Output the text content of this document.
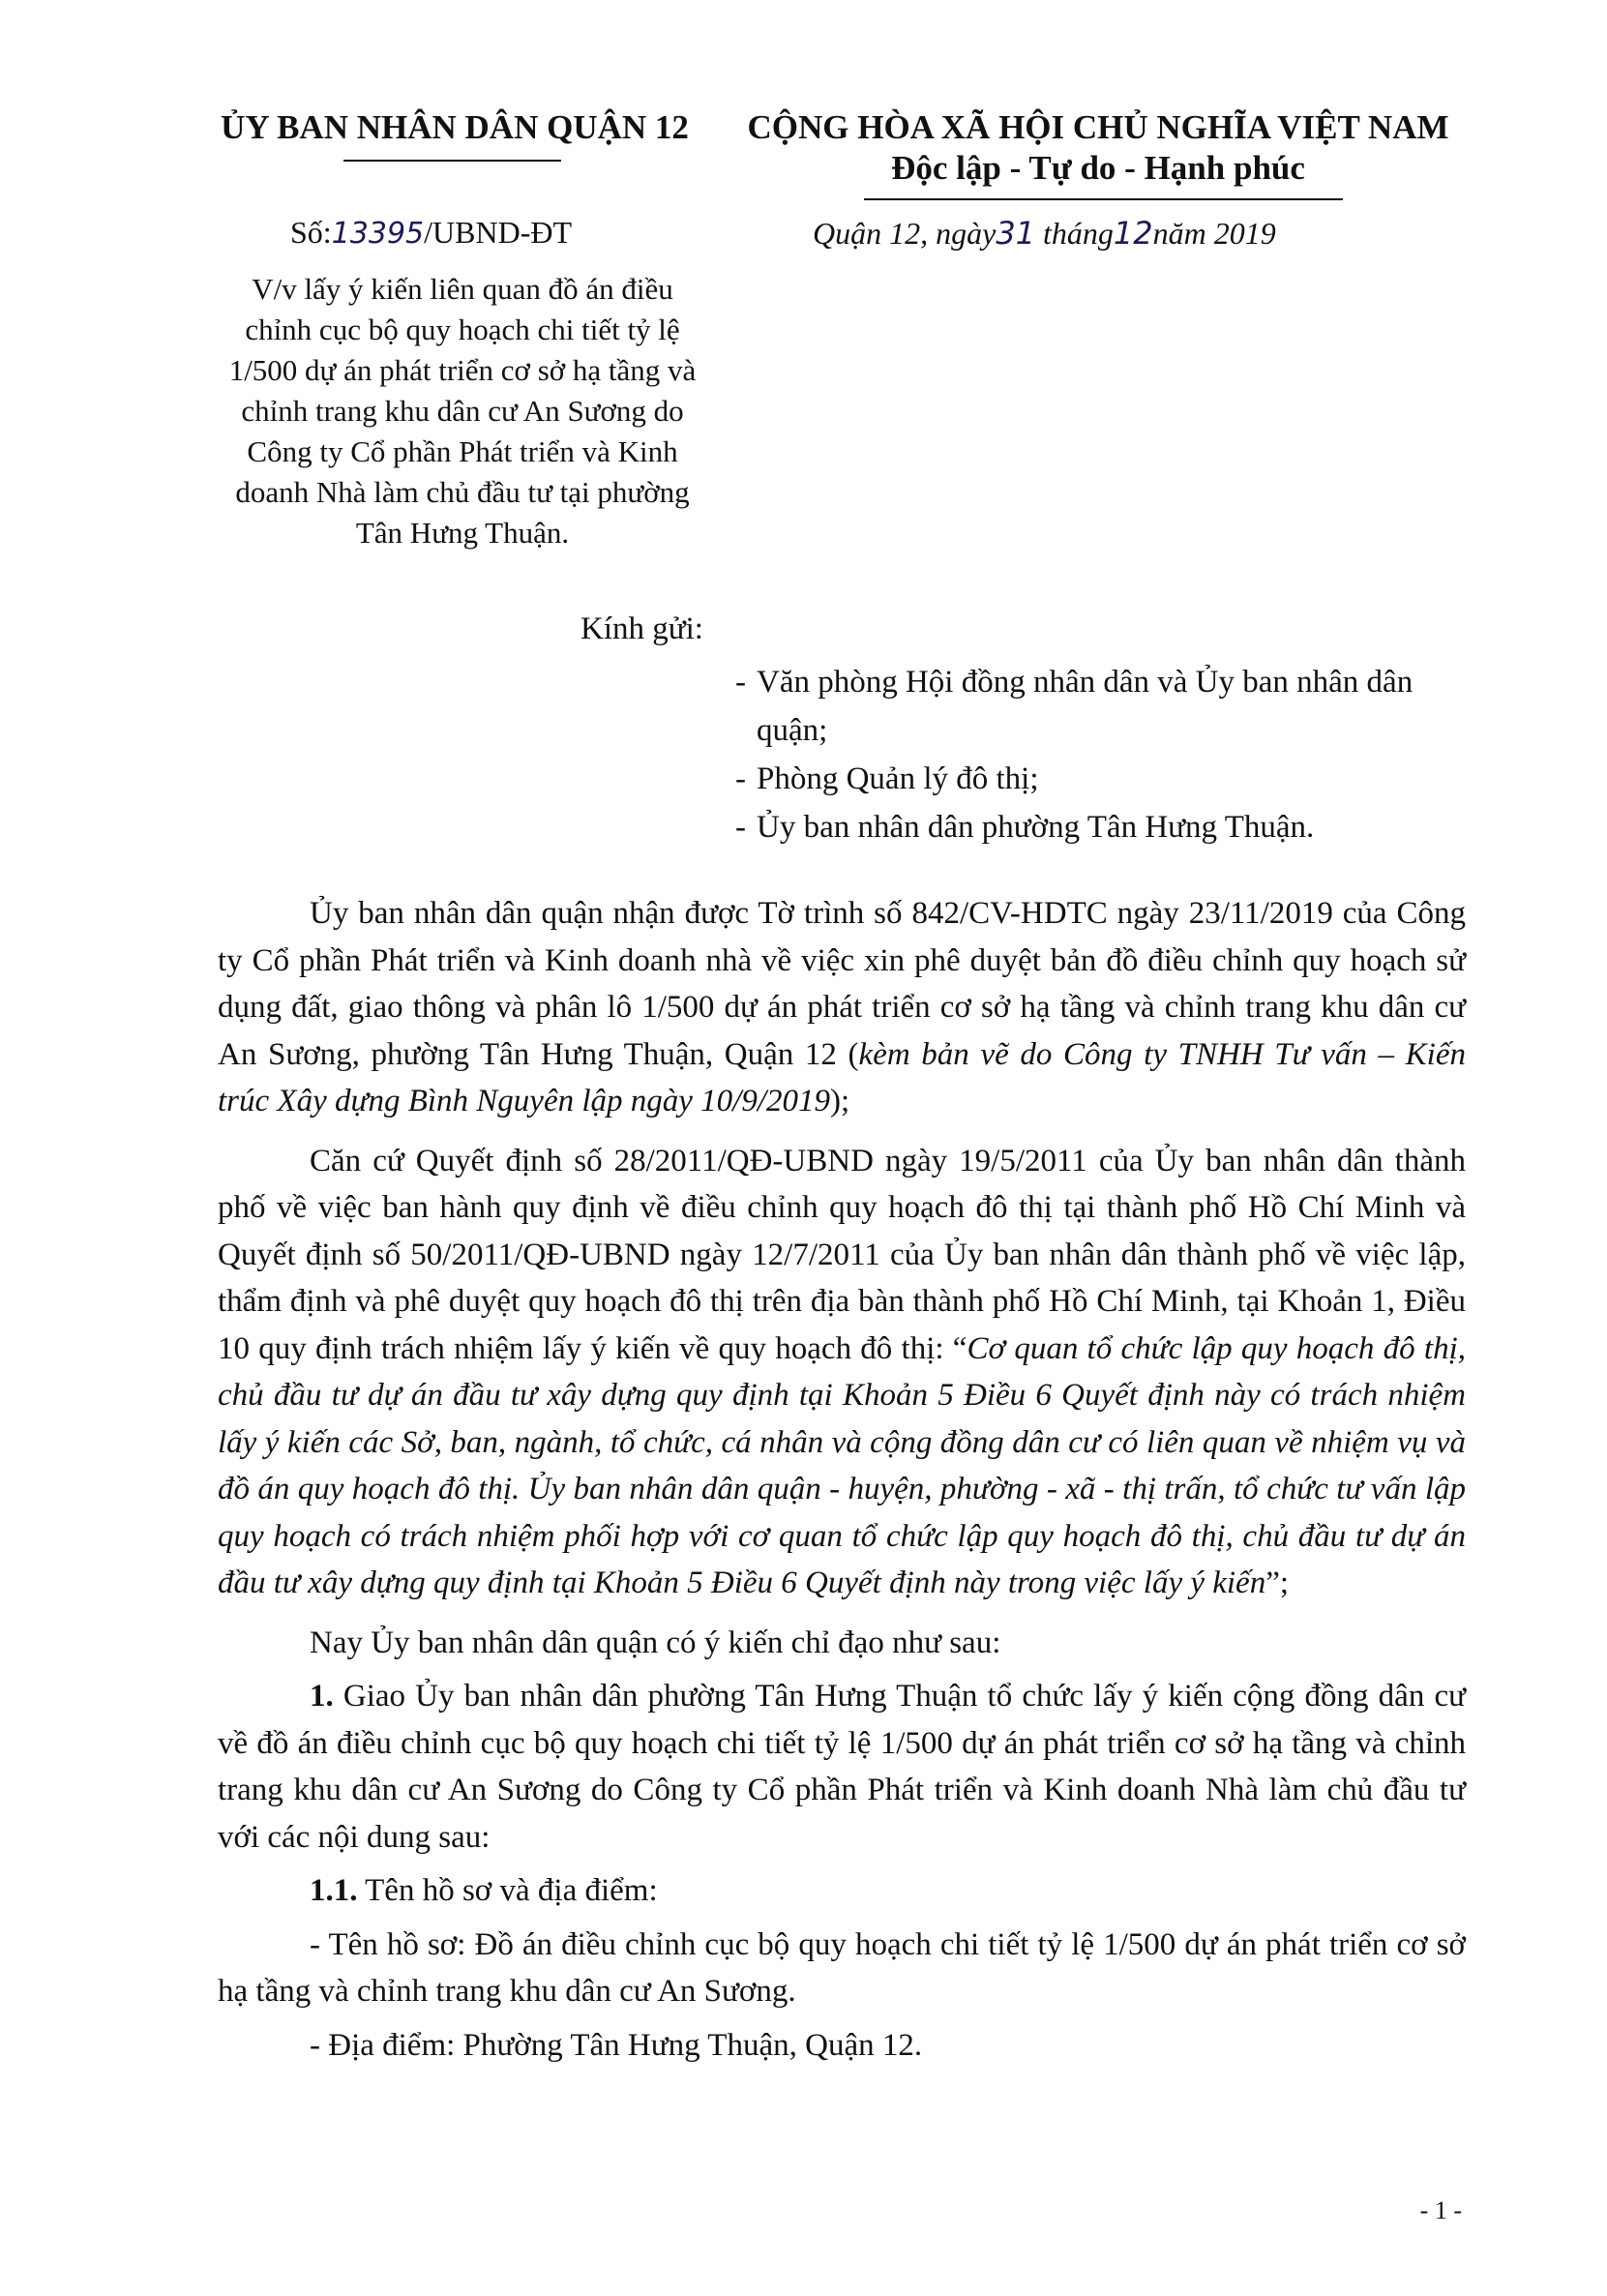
ỦY BAN NHÂN DÂN QUẬN 12	CỘNG HÒA XÃ HỘI CHỦ NGHĨA VIỆT NAM
Độc lập - Tự do - Hạnh phúc
Số:13395/UBND-ĐT	Quận 12, ngày31 tháng12năm 2019
V/v lấy ý kiến liên quan đồ án điều chỉnh cục bộ quy hoạch chi tiết tỷ lệ 1/500 dự án phát triển cơ sở hạ tầng và chỉnh trang khu dân cư An Sương do Công ty Cổ phần Phát triển và Kinh doanh Nhà làm chủ đầu tư tại phường Tân Hưng Thuận.
Kính gửi:
- Văn phòng Hội đồng nhân dân và Ủy ban nhân dân quận;
- Phòng Quản lý đô thị;
- Ủy ban nhân dân phường Tân Hưng Thuận.

Ủy ban nhân dân quận nhận được Tờ trình số 842/CV-HDTC ngày 23/11/2019 của Công ty Cổ phần Phát triển và Kinh doanh nhà về việc xin phê duyệt bản đồ điều chỉnh quy hoạch sử dụng đất, giao thông và phân lô 1/500 dự án phát triển cơ sở hạ tầng và chỉnh trang khu dân cư An Sương, phường Tân Hưng Thuận, Quận 12 (kèm bản vẽ do Công ty TNHH Tư vấn – Kiến trúc Xây dựng Bình Nguyên lập ngày 10/9/2019);

Căn cứ Quyết định số 28/2011/QĐ-UBND ngày 19/5/2011 của Ủy ban nhân dân thành phố về việc ban hành quy định về điều chỉnh quy hoạch đô thị tại thành phố Hồ Chí Minh và Quyết định số 50/2011/QĐ-UBND ngày 12/7/2011 của Ủy ban nhân dân thành phố về việc lập, thẩm định và phê duyệt quy hoạch đô thị trên địa bàn thành phố Hồ Chí Minh, tại Khoản 1, Điều 10 quy định trách nhiệm lấy ý kiến về quy hoạch đô thị: “Cơ quan tổ chức lập quy hoạch đô thị, chủ đầu tư dự án đầu tư xây dựng quy định tại Khoản 5 Điều 6 Quyết định này có trách nhiệm lấy ý kiến các Sở, ban, ngành, tổ chức, cá nhân và cộng đồng dân cư có liên quan về nhiệm vụ và đồ án quy hoạch đô thị. Ủy ban nhân dân quận - huyện, phường - xã - thị trấn, tổ chức tư vấn lập quy hoạch có trách nhiệm phối hợp với cơ quan tổ chức lập quy hoạch đô thị, chủ đầu tư dự án đầu tư xây dựng quy định tại Khoản 5 Điều 6 Quyết định này trong việc lấy ý kiến”;

Nay Ủy ban nhân dân quận có ý kiến chỉ đạo như sau:

1. Giao Ủy ban nhân dân phường Tân Hưng Thuận tổ chức lấy ý kiến cộng đồng dân cư về đồ án điều chỉnh cục bộ quy hoạch chi tiết tỷ lệ 1/500 dự án phát triển cơ sở hạ tầng và chỉnh trang khu dân cư An Sương do Công ty Cổ phần Phát triển và Kinh doanh Nhà làm chủ đầu tư với các nội dung sau:

1.1. Tên hồ sơ và địa điểm:

- Tên hồ sơ: Đồ án điều chỉnh cục bộ quy hoạch chi tiết tỷ lệ 1/500 dự án phát triển cơ sở hạ tầng và chỉnh trang khu dân cư An Sương.

- Địa điểm: Phường Tân Hưng Thuận, Quận 12.

- 1 -
